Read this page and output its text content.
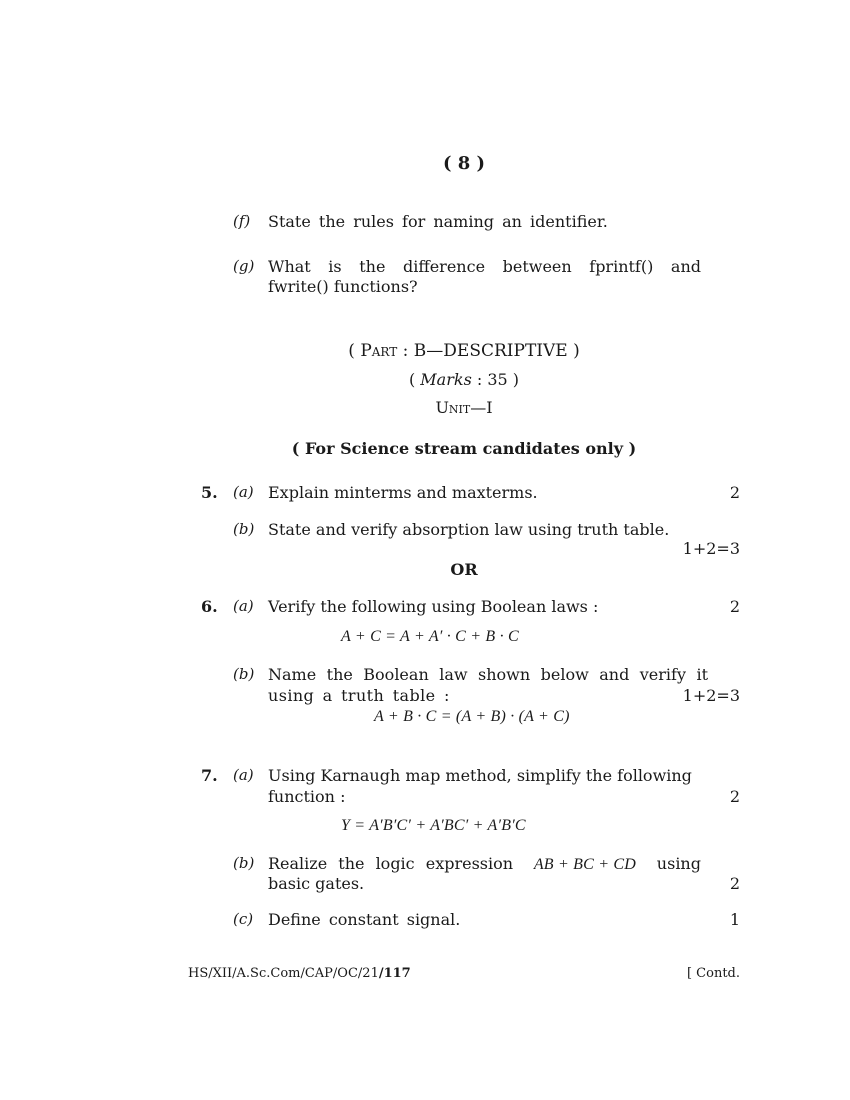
( 8 )
(f) State the rules for naming an identifier.
(g) What is the difference between fprintf() and
fwrite() functions?
( Part : B—DESCRIPTIVE )
( Marks : 35 )
Unit—I
( For Science stream candidates only )
5. (a) Explain minterms and maxterms.	2
(b) State and verify absorption law using truth table.
1+2=3
OR
6. (a) Verify the following using Boolean laws :	2
A + C = A + A′ · C + B · C
(b) Name the Boolean law shown below and verify it
using a truth table :	1+2=3
A + B · C = (A + B) · (A + C)
7. (a) Using Karnaugh map method, simplify the following
function :	2
Y = A′B′C′ + A′BC′ + A′B′C
(b) Realize the logic expression AB + BC + CD using
basic gates.	2
(c) Define constant signal.	1
HS/XII/A.Sc.Com/CAP/OC/21/117	[ Contd.
